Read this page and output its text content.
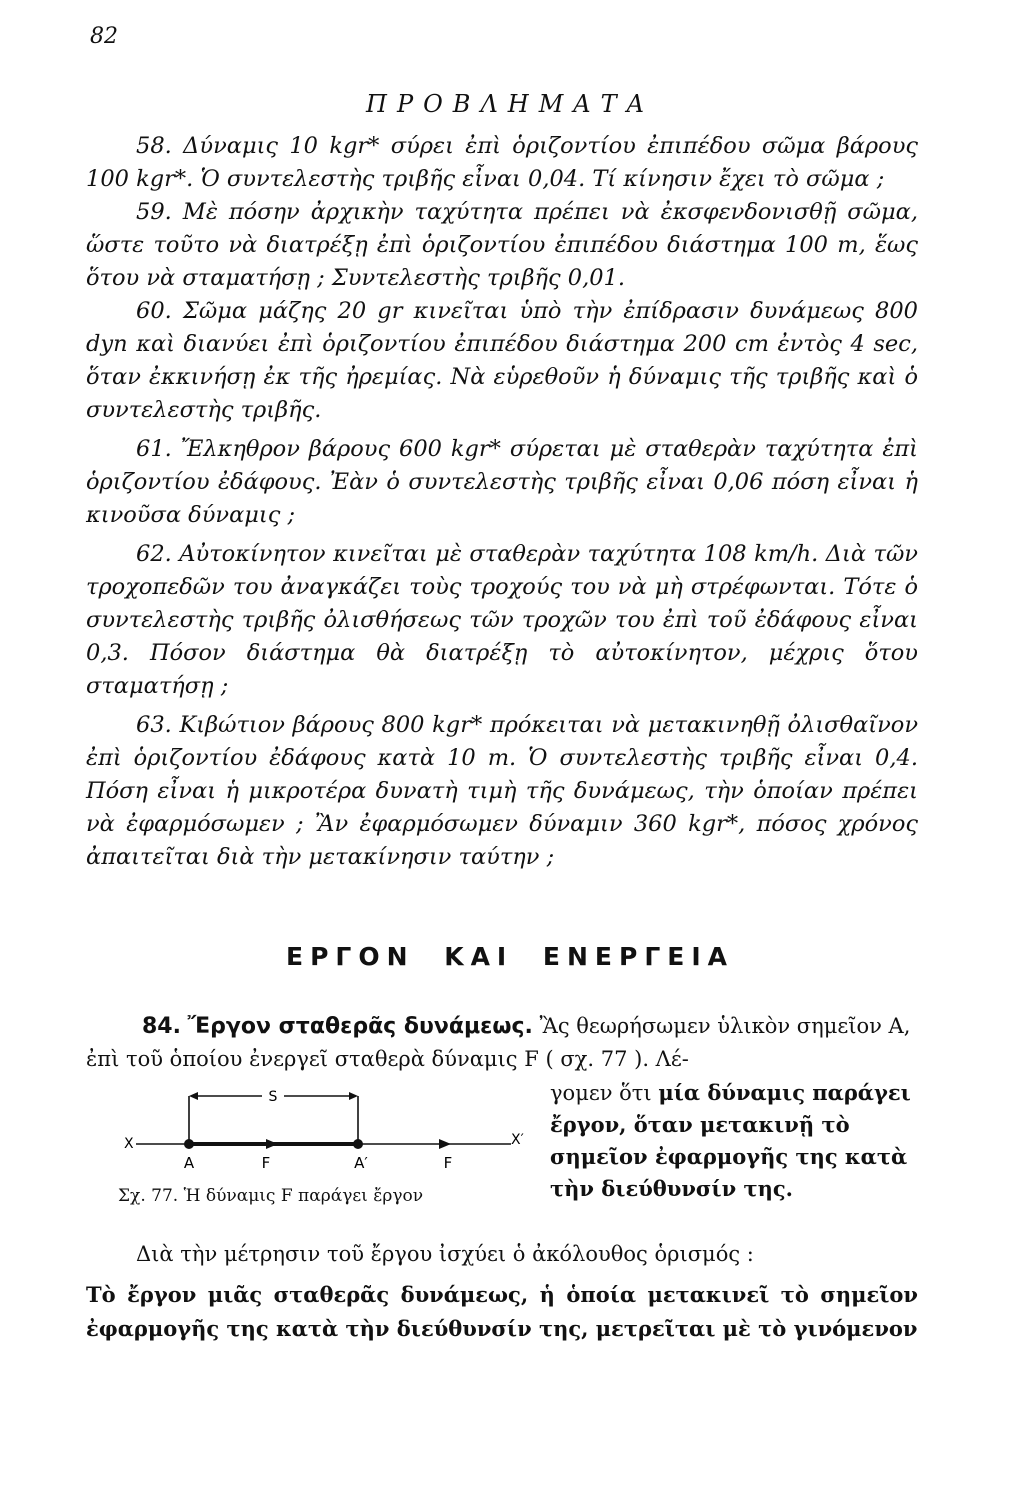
82
ΠΡΟΒΛΗΜΑΤΑ

58. Δύναμις 10 kgr* σύρει ἐπὶ ὁριζοντίου ἐπιπέδου σῶμα βάρους 100 kgr*. Ὁ συντελεστὴς τριβῆς εἶναι 0,04. Τί κίνησιν ἔχει τὸ σῶμα ;

59. Μὲ πόσην ἀρχικὴν ταχύτητα πρέπει νὰ ἐκσφενδονισθῇ σῶμα, ὥστε τοῦτο νὰ διατρέξῃ ἐπὶ ὁριζοντίου ἐπιπέδου διάστημα 100 m, ἕως ὅτου νὰ σταματήσῃ ; Συντελεστὴς τριβῆς 0,01.

60. Σῶμα μάζης 20 gr κινεῖται ὑπὸ τὴν ἐπίδρασιν δυνάμεως 800 dyn καὶ διανύει ἐπὶ ὁριζοντίου ἐπιπέδου διάστημα 200 cm ἐντὸς 4 sec, ὅταν ἐκκινήσῃ ἐκ τῆς ἠρεμίας. Νὰ εὑρεθοῦν ἡ δύναμις τῆς τριβῆς καὶ ὁ συντελεστὴς τριβῆς.

61. Ἔλκηθρον βάρους 600 kgr* σύρεται μὲ σταθερὰν ταχύτητα ἐπὶ ὁριζοντίου ἐδάφους. Ἐὰν ὁ συντελεστὴς τριβῆς εἶναι 0,06 πόση εἶναι ἡ κινοῦσα δύναμις ;

62. Αὐτοκίνητον κινεῖται μὲ σταθερὰν ταχύτητα 108 km/h. Διὰ τῶν τροχοπεδῶν του ἀναγκάζει τοὺς τροχούς του νὰ μὴ στρέφωνται. Τότε ὁ συντελεστὴς τριβῆς ὀλισθήσεως τῶν τροχῶν του ἐπὶ τοῦ ἐδάφους εἶναι 0,3. Πόσον διάστημα θὰ διατρέξῃ τὸ αὐτοκίνητον, μέχρις ὅτου σταματήσῃ ;

63. Κιβώτιον βάρους 800 kgr* πρόκειται νὰ μετακινηθῇ ὀλισθαῖνον ἐπὶ ὁριζοντίου ἐδάφους κατὰ 10 m. Ὁ συντελεστὴς τριβῆς εἶναι 0,4. Πόση εἶναι ἡ μικροτέρα δυνατὴ τιμὴ τῆς δυνάμεως, τὴν ὁποίαν πρέπει νὰ ἐφαρμόσωμεν ; Ἂν ἐφαρμόσωμεν δύναμιν 360 kgr*, πόσος χρόνος ἀπαιτεῖται διὰ τὴν μετακίνησιν ταύτην ;

ΕΡΓΟΝ ΚΑΙ ΕΝΕΡΓΕΙΑ
84. Ἔργον σταθερᾶς δυνάμεως. Ἂς θεωρήσωμεν ὑλικὸν σημεῖον Α, ἐπὶ τοῦ ὁποίου ἐνεργεῖ σταθερὰ δύναμις F ( σχ. 77 ). Λέ-
S
X	X′
A	F	A′	F
Σχ. 77. Ἡ δύναμις F παράγει ἔργον
γομεν ὅτι μία δύναμις παράγει ἔργον, ὅταν μετακινῇ τὸ σημεῖον ἐφαρμογῆς της κατὰ τὴν διεύθυνσίν της.
Διὰ τὴν μέτρησιν τοῦ ἔργου ἰσχύει ὁ ἀκόλουθος ὁρισμός :
Τὸ ἔργον μιᾶς σταθερᾶς δυνάμεως, ἡ ὁποία μετακινεῖ τὸ σημεῖον ἐφαρμογῆς της κατὰ τὴν διεύθυνσίν της, μετρεῖται μὲ τὸ γινόμενον
